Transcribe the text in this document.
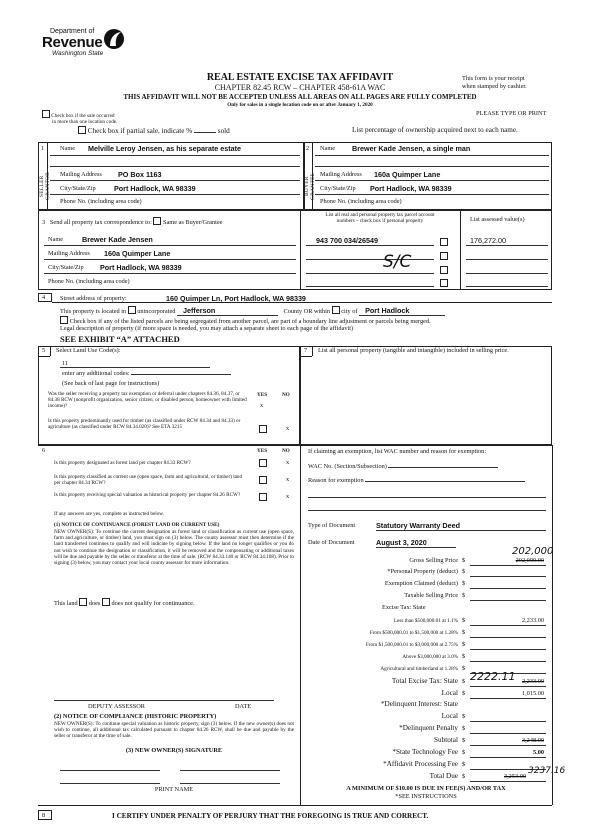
Department of
Revenue
Washington State
REAL ESTATE EXCISE TAX AFFIDAVIT
CHAPTER 82.45 RCW – CHAPTER 458-61A WAC
THIS AFFIDAVIT WILL NOT BE ACCEPTED UNLESS ALL AREAS ON ALL PAGES ARE FULLY COMPLETED
Only for sales in a single location code on or after January 1, 2020
This form is your receipt
when stamped by cashier.
PLEASE TYPE OR PRINT
Check box if the sale occurred
in more than one location code.
Check box if partial sale, indicate %	sold	List percentage of ownership acquired next to each name.
1
SELLER GRANTOR
2
BUYER GRANTEE
Name Melville Leroy Jensen, as his separate estate
Mailing Address PO Box 1163
City/State/Zip	Port Hadlock, WA 98339
Phone No. (including area code)
Name Brewer Kade Jensen, a single man
Mailing Address 160a Quimper Lane
City/State/Zip Port Hadlock, WA 98339
Phone No. (including area code)
3 Send all property tax correspondence to: Same as Buyer/Grantee
Name	Brewer Kade Jensen
Mailing Address 160a Quimper Lane
City/State/Zip Port Hadlock, WA 98339
Phone No. (including area code)
List all real and personal property tax parcel account
numbers – check box if personal property	List assessed value(s)
943 700 034/26549	176,272.00
S/C
4 Street address of property:	160 Quimper Ln, Port Hadlock, WA 98339
This property is located in unincorporated Jefferson	County OR within city of Port Hadlock
Check box if any of the listed parcels are being segregated from another parcel, are part of a boundary line adjustment or parcels being merged.
Legal description of property (if more space is needed, you may attach a separate sheet to each page of the affidavit)
SEE EXHIBIT “A” ATTACHED
5 Select Land Use Code(s):
11
enter any additional codes:
(See back of last page for instructions)
YES	NO
Was the seller receiving a property tax exemption or deferral under chapters 84.36, 84.37, or 84.38 RCW (nonprofit organization, senior citizen, or disabled person, homeowner with limited income)?	x
Is this property predominantly used for timber (as classified under RCW 84.34 and 84.33) or agriculture (as classified under RCW 84.34.020)? See ETA 3215	x
7 List all personal property (tangible and intangible) included in selling price.
6	YES	NO
Is this property designated as forest land per chapter 84.33 RCW?	x
Is this property classified as current use (open space, farm and agricultural, or timber) land per chapter 84.34 RCW?
x
Is this property receiving special valuation as historical property per chapter 84.26 RCW?	x
If any answers are yes, complete as instructed below.
(1) NOTICE OF CONTINUANCE (FOREST LAND OR CURRENT USE)
NEW OWNER(S): To continue the current designation as forest land or classification as current use (open space, farm and agriculture, or timber) land, you must sign on (3) below. The county assessor must then determine if the land transferred continues to qualify and will indicate by signing below. If the land no longer qualifies or you do not wish to continue the designation or classification, it will be removed and the compensating or additional taxes will be due and payable by the seller or transferor at the time of sale. (RCW 84.33.140 or RCW 84.34.108). Prior to signing (3) below, you may contact your local county assessor for more information.
This land does does not qualify for continuance.
DEPUTY ASSESSOR	DATE
(2) NOTICE OF COMPLIANCE (HISTORIC PROPERTY)
NEW OWNER(S): To continue special valuation as historic property, sign (3) below. If the new owner(s) does not wish to continue, all additional tax calculated pursuant to chapter 84.26 RCW, shall be due and payable by the seller or transferor at the time of sale.
(3) NEW OWNER(S) SIGNATURE
PRINT NAME
If claiming an exemption, list WAC number and reason for exemption:
WAC No. (Section/Subsection)
Reason for exemption
Type of Document	Statutory Warranty Deed
Date of Document	August 3, 2020
Gross Selling Price $	202,000.00
202,000
*Personal Property (deduct) $
Exemption Claimed (deduct) $
Taxable Selling Price $
Excise Tax: State
Less than $500,000.01 at 1.1% $	2,233.00
From $500,000.01 to $1,500,000 at 1.28% $
From $1,500,000.01 to $3,000,000 at 2.75% $
Above $3,000,000 at 3.0% $
Agricultural and timberland at 1.28% $
Total Excise Tax: State $ 2222.11	2,233.00
Local $	1,015.00
*Delinquent Interest: State
Local $
*Delinquent Penalty $
Subtotal $	3,248.00
*State Technology Fee $	5.00
*Affidavit Processing Fee $
Total Due $	3,253.00
3237.16
A MINIMUM OF $10.00 IS DUE IN FEE(S) AND/OR TAX
*SEE INSTRUCTIONS
8	I CERTIFY UNDER PENALTY OF PERJURY THAT THE FOREGOING IS TRUE AND CORRECT.
